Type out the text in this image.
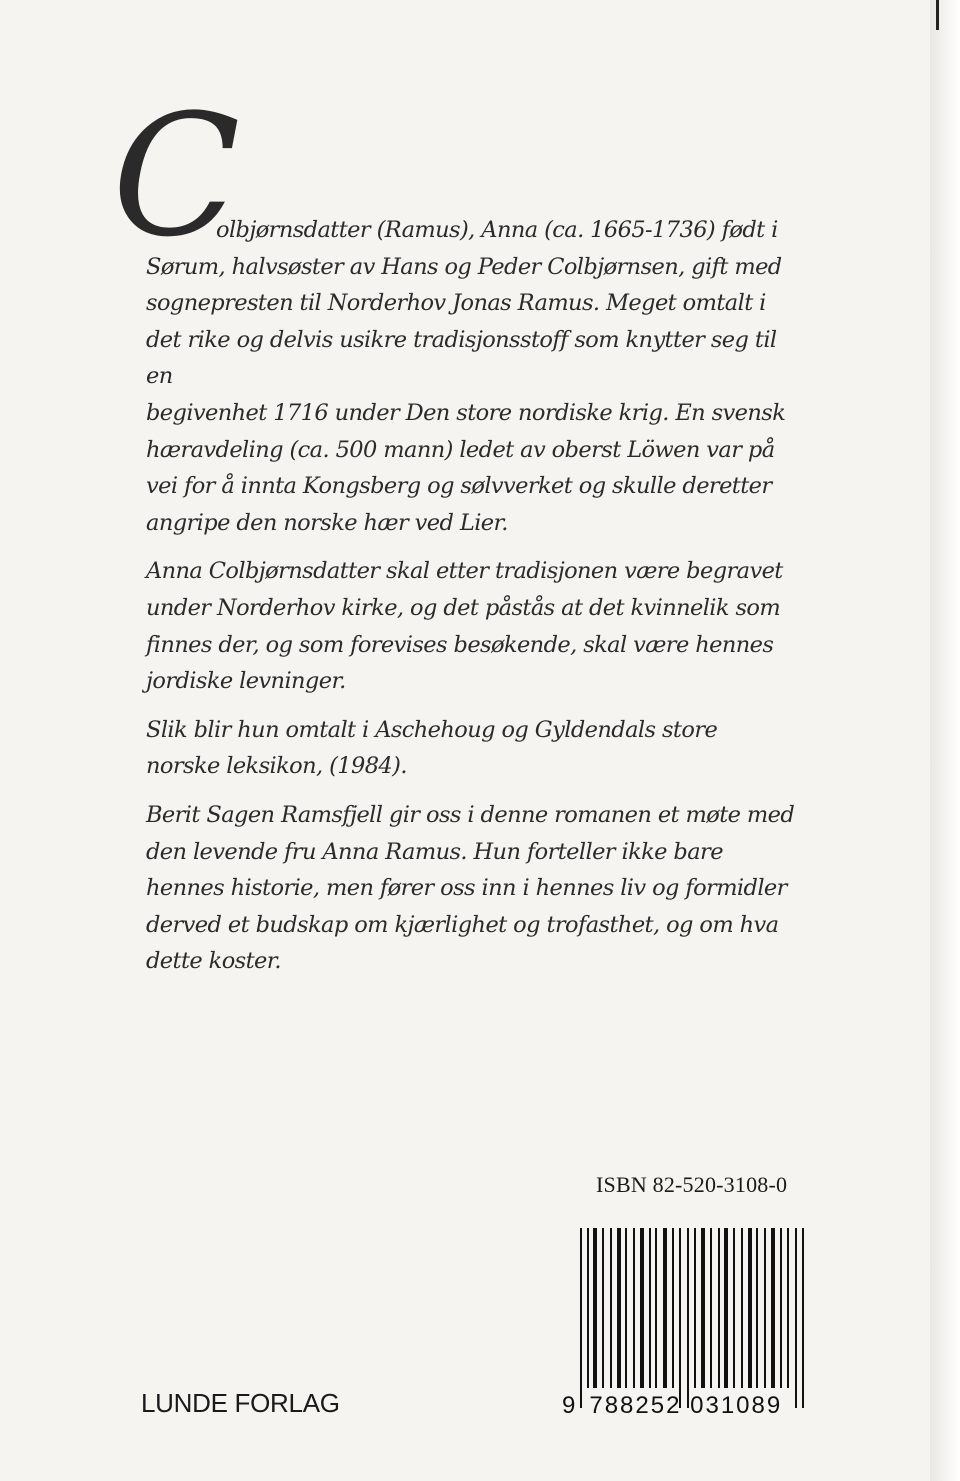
C

olbjørnsdatter (Ramus), Anna (ca. 1665-1736) født i
Sørum, halvsøster av Hans og Peder Colbjørnsen, gift med
sognepresten til Norderhov Jonas Ramus. Meget omtalt i
det rike og delvis usikre tradisjonsstoff som knytter seg til en
begivenhet 1716 under Den store nordiske krig. En svensk
hæravdeling (ca. 500 mann) ledet av oberst Löwen var på
vei for å innta Kongsberg og sølvverket og skulle deretter
angripe den norske hær ved Lier.

Anna Colbjørnsdatter skal etter tradisjonen være begravet
under Norderhov kirke, og det påstås at det kvinnelik som
finnes der, og som forevises besøkende, skal være hennes
jordiske levninger.

Slik blir hun omtalt i Aschehoug og Gyldendals store
norske leksikon, (1984).

Berit Sagen Ramsfjell gir oss i denne romanen et møte med
den levende fru Anna Ramus. Hun forteller ikke bare
hennes historie, men fører oss inn i hennes liv og formidler
derved et budskap om kjærlighet og trofasthet, og om hva
dette koster.

ISBN 82-520-3108-0
9 788252 031089
LUNDE FORLAG
